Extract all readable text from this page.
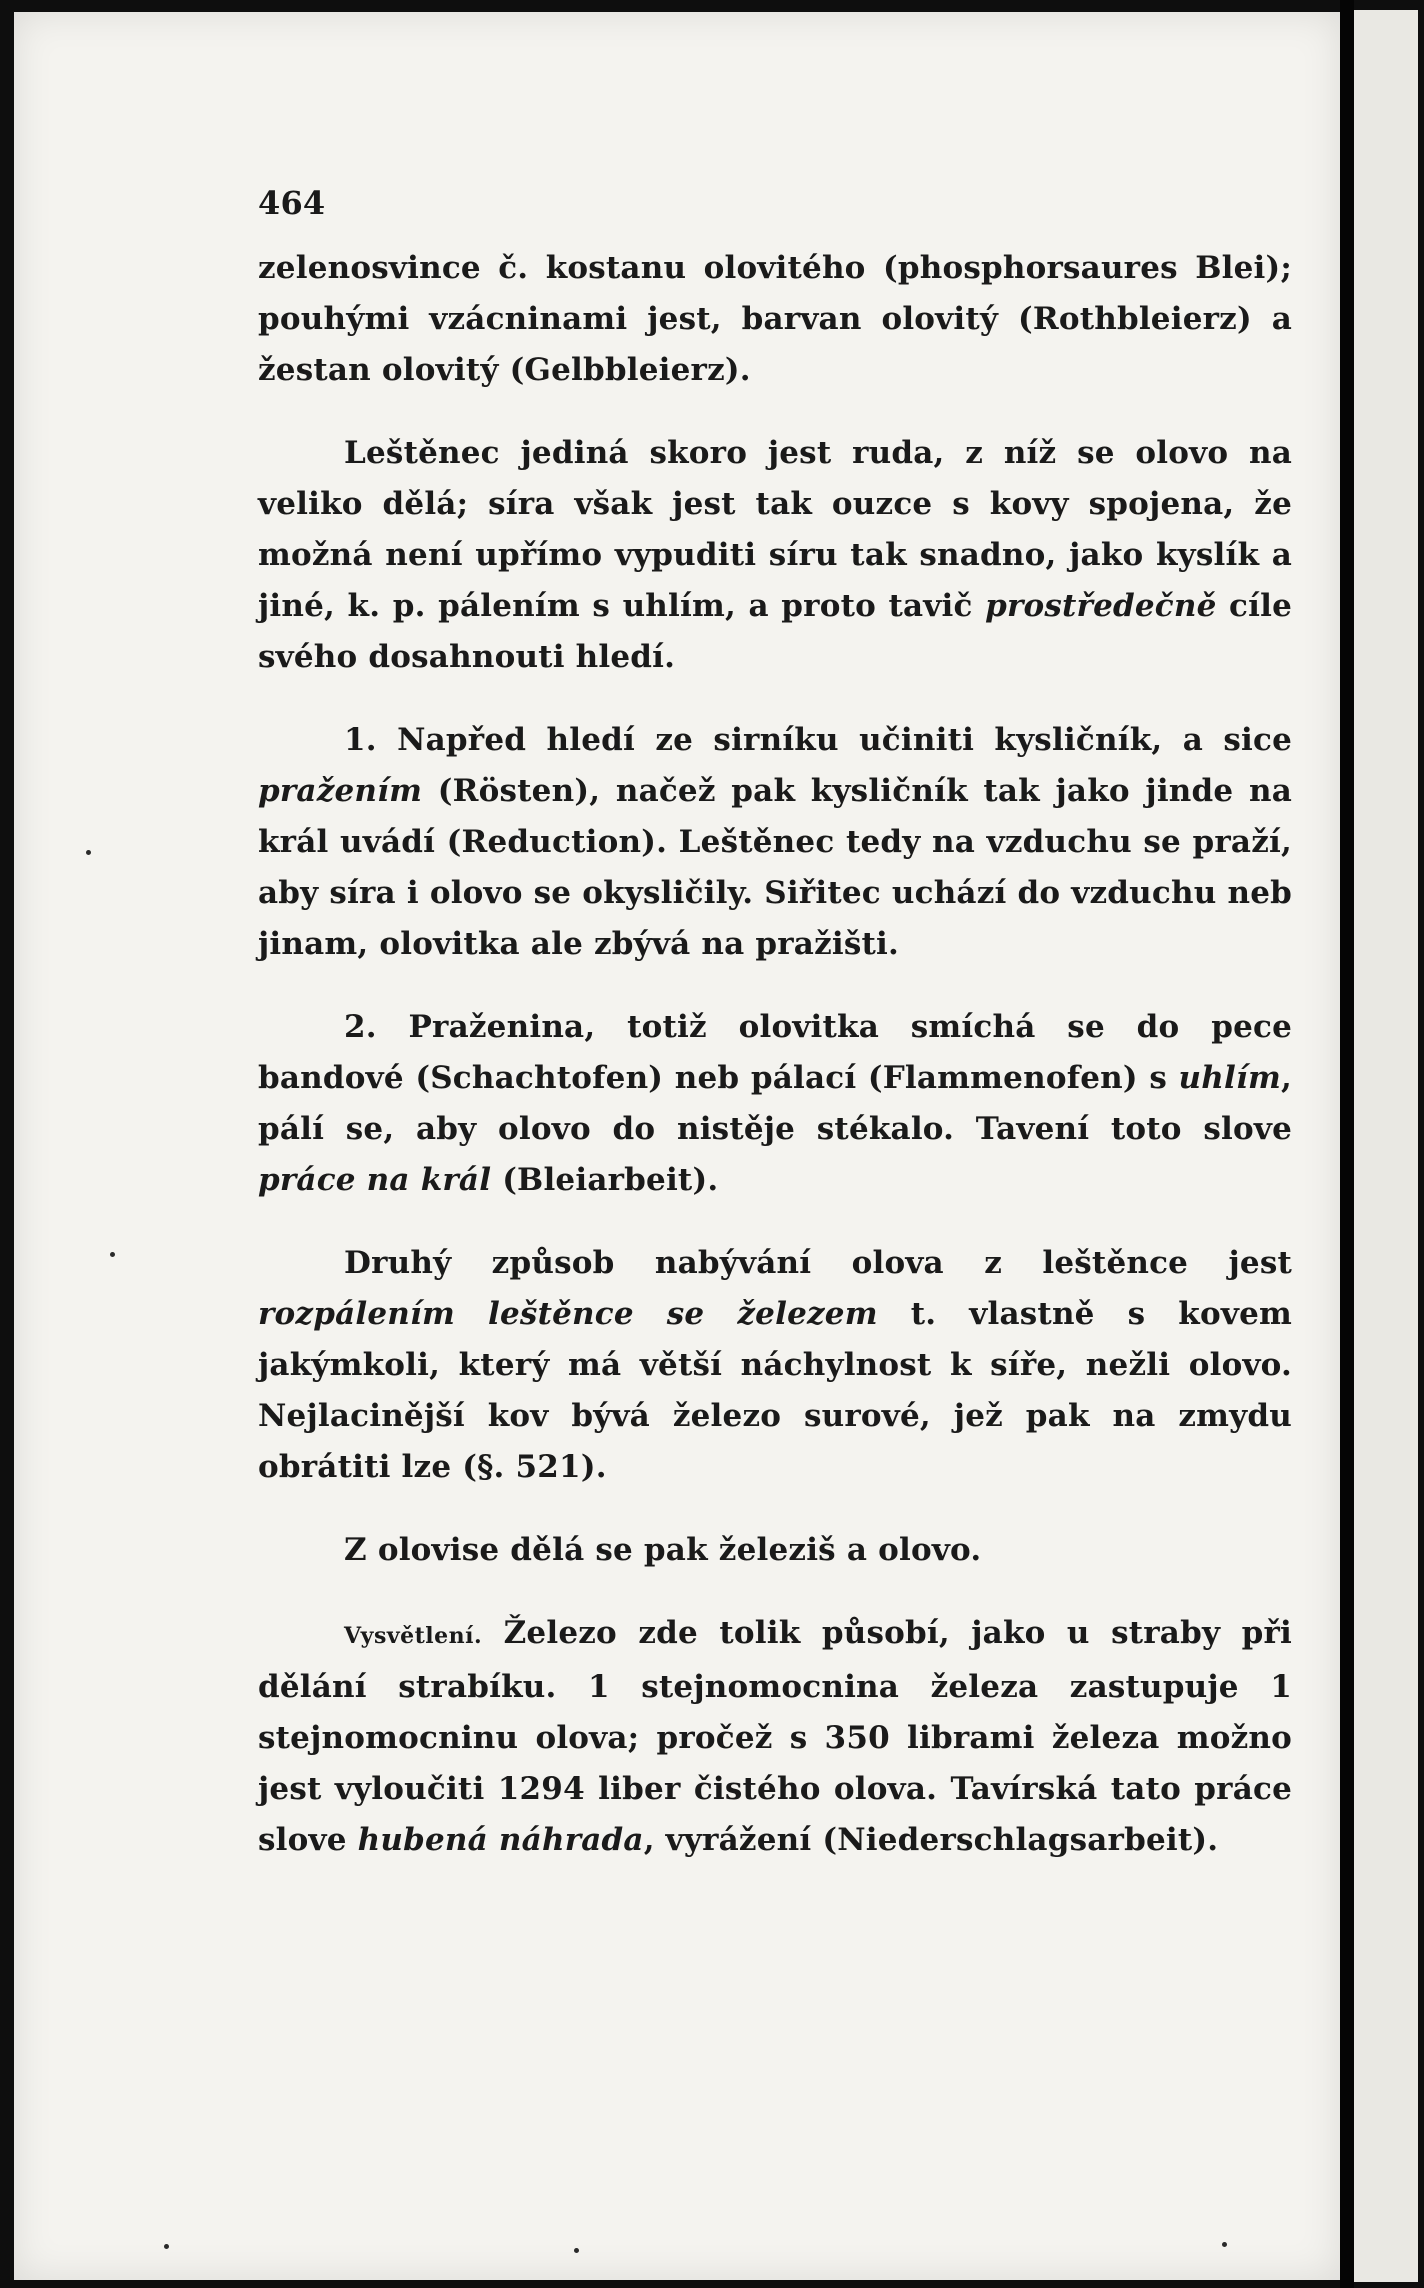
464

zelenosvince č. kostanu olovitého (phosphorsaures Blei); pouhými vzácninami jest, barvan olovitý (Rothbleierz) a žestan olovitý (Gelbbleierz).

Leštěnec jediná skoro jest ruda, z níž se olovo na veliko dělá; síra však jest tak ouzce s kovy spojena, že možná není upřímo vypuditi síru tak snadno, jako kyslík a jiné, k. p. pálením s uhlím, a proto tavič prostředečně cíle svého dosahnouti hledí.

1. Napřed hledí ze sirníku učiniti kysličník, a sice pražením (Rösten), načež pak kysličník tak jako jinde na král uvádí (Reduction). Leštěnec tedy na vzduchu se praží, aby síra i olovo se okysličily. Siřitec uchází do vzduchu neb jinam, olovitka ale zbývá na pražišti.

2. Praženina, totiž olovitka smíchá se do pece bandové (Schachtofen) neb pálací (Flammenofen) s uhlím, pálí se, aby olovo do nistěje stékalo. Tavení toto slove práce na král (Bleiarbeit).

Druhý způsob nabývání olova z leštěnce jest rozpálením leštěnce se železem t. vlastně s kovem jakýmkoli, který má větší náchylnost k síře, nežli olovo. Nejlacinější kov bývá železo surové, jež pak na zmydu obrátiti lze (§. 521).

Z olovise dělá se pak železiš a olovo.

Vysvětlení. Železo zde tolik působí, jako u straby při dělání strabíku. 1 stejnomocnina železa zastupuje 1 stejnomocninu olova; pročež s 350 librami železa možno jest vyloučiti 1294 liber čistého olova. Tavírská tato práce slove hubená náhrada, vyrážení (Niederschlagsarbeit).
